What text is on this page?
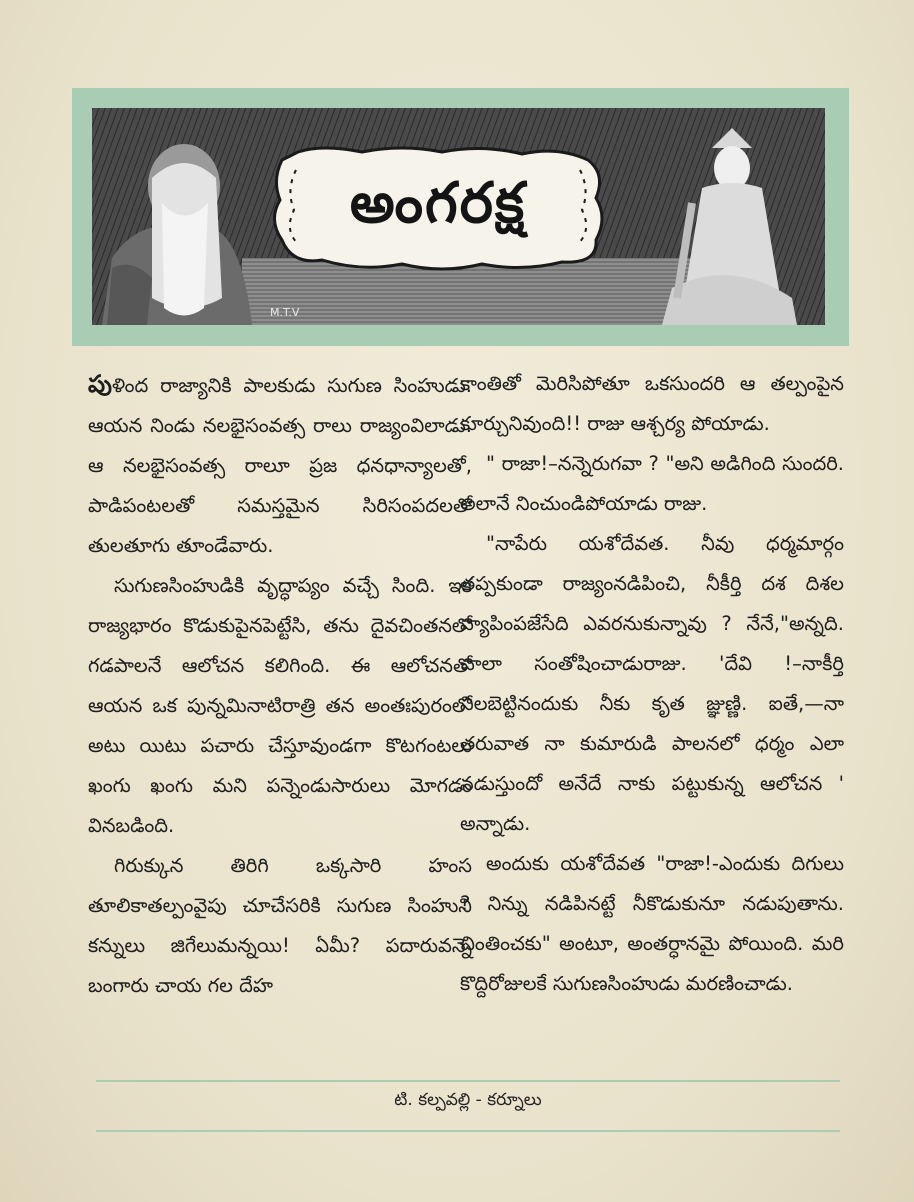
అంగరక్ష
M.T.V

పుళింద రాజ్యానికి పాలకుడు సుగుణ సింహుడు. ఆయన నిండు నలభైసంవత్స రాలు రాజ్యంవిలాడు. ఆ నలభైసంవత్స రాలూ ప్రజ ధనధాన్యాలతో, పాడిపంటలతో సమస్తమైన సిరిసంపదలతో తులతూగు తూండేవారు.

సుగుణసింహుడికి వృద్ధాప్యం వచ్చే సింది. ఇక రాజ్యభారం కొడుకుపైనపెట్టేసి, తను దైవచింతనలో గడపాలనే ఆలోచన కలిగింది. ఈ ఆలోచనతో ఆయన ఒక పున్నమినాటిరాత్రి తన అంతఃపురంలో అటు యిటు పచారు చేస్తూవుండగా కొటగంటలు ఖంగు ఖంగు మని పన్నెండుసారులు మోగడం వినబడింది.

గిరుక్కున తిరిగి ఒక్కసారి హంస తూలికాతల్పంవైపు చూచేసరికి సుగుణ సింహుని కన్నులు జిగేలుమన్నయి! ఏమీ? పదారువన్నె బంగారు చాయ గల దేహ

కాంతితో మెరిసిపోతూ ఒకసుందరి ఆ తల్పంపైన కూర్చునివుంది!! రాజు ఆశ్చర్య పోయాడు.

" రాజా!–నన్నెరుగవా ? "అని అడిగింది సుందరి. అలానే నించుండిపోయాడు రాజు.

"నాపేరు యశోదేవత. నీవు ధర్మమార్గం తప్పకుండా రాజ్యంనడిపించి, నీకీర్తి దశ దిశల వ్యాపింపజేసేది ఎవరనుకున్నావు ? నేనే,"అన్నది. చాలా సంతోషించాడురాజు. 'దేవి !–నాకీర్తి నిలబెట్టినందుకు నీకు కృత జ్ఞుణ్ణి. ఐతే,—నా తరువాత నా కుమారుడి పాలనలో ధర్మం ఎలా నడుస్తుందో అనేదే నాకు పట్టుకున్న ఆలోచన ' అన్నాడు.

అందుకు యశోదేవత "రాజా!-ఎందుకు దిగులు ? నిన్ను నడిపినట్టే నీకొడుకునూ నడుపుతాను. చింతించకు" అంటూ, అంతర్ధానమై పోయింది. మరి కొద్దిరోజులకే సుగుణసింహుడు మరణించాడు.

టి. కల్పవల్లి - కర్నూలు
